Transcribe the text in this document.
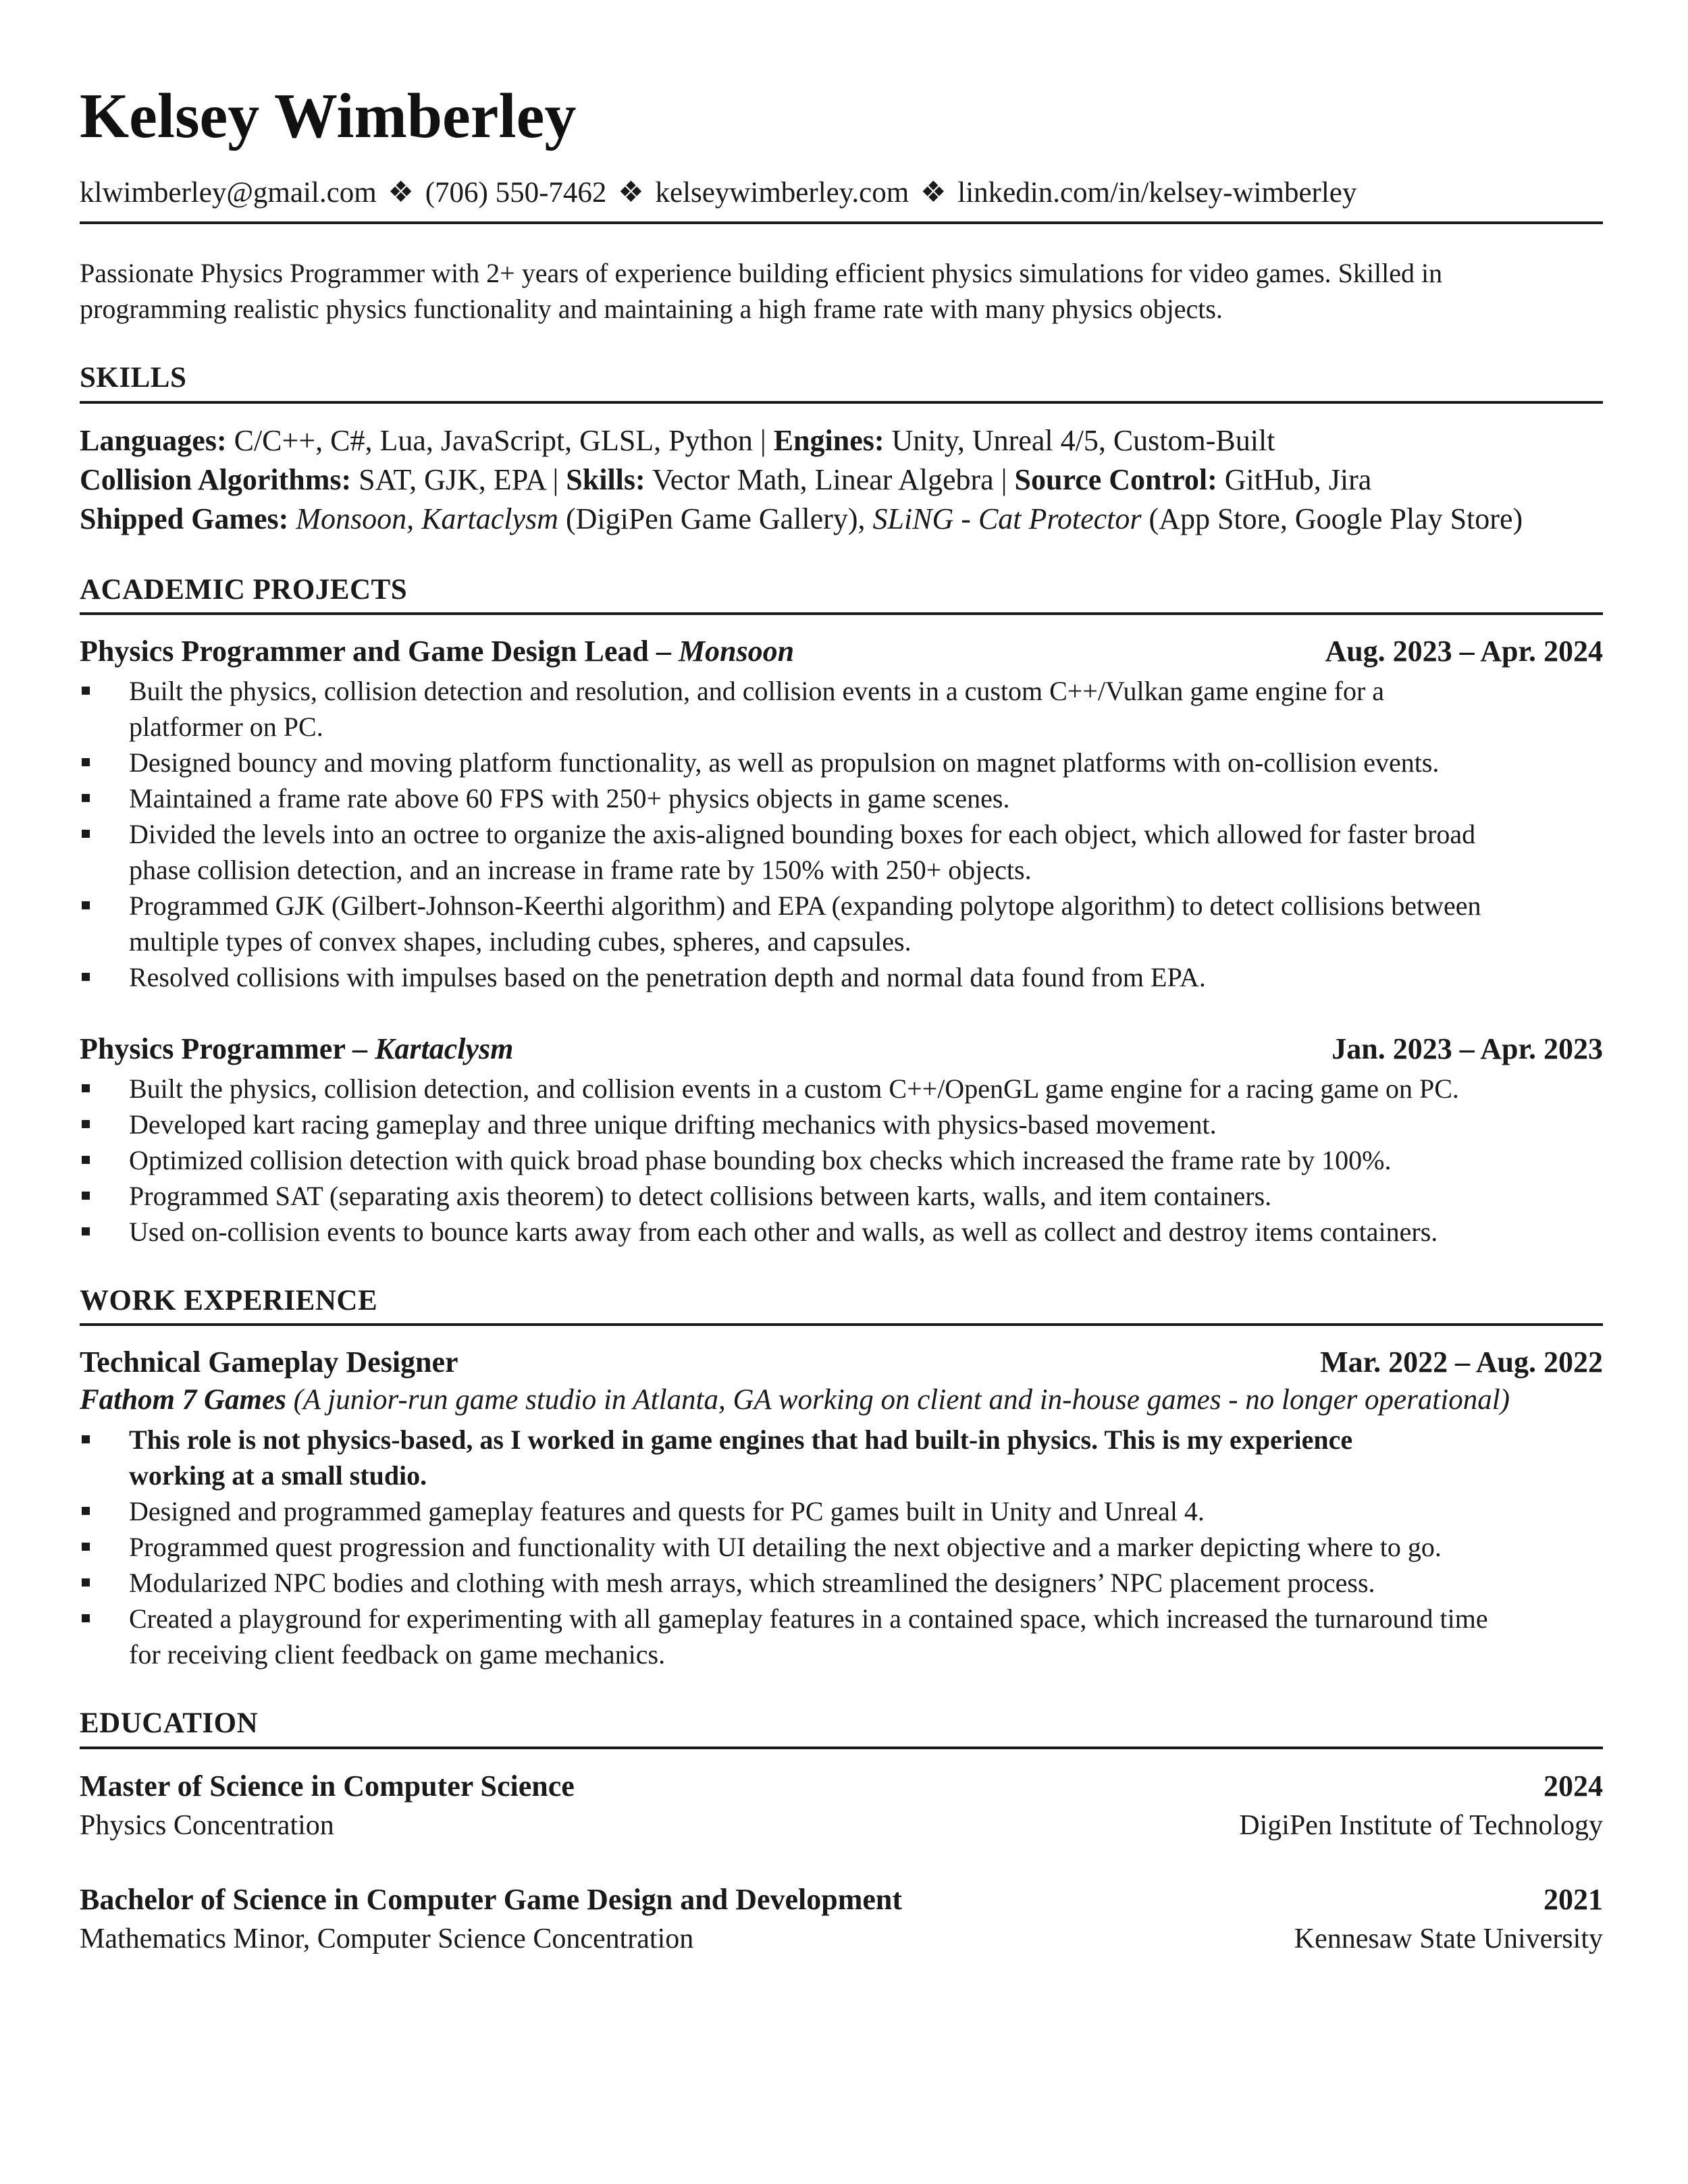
Kelsey Wimberley
klwimberley@gmail.com ❖ (706) 550-7462 ❖ kelseywimberley.com ❖ linkedin.com/in/kelsey-wimberley
Passionate Physics Programmer with 2+ years of experience building efficient physics simulations for video games. Skilled in
programming realistic physics functionality and maintaining a high frame rate with many physics objects.
SKILLS
Languages: C/C++, C#, Lua, JavaScript, GLSL, Python | Engines: Unity, Unreal 4/5, Custom-Built
Collision Algorithms: SAT, GJK, EPA | Skills: Vector Math, Linear Algebra | Source Control: GitHub, Jira
Shipped Games: Monsoon, Kartaclysm (DigiPen Game Gallery), SLiNG - Cat Protector (App Store, Google Play Store)
ACADEMIC PROJECTS
Physics Programmer and Game Design Lead – Monsoon	Aug. 2023 – Apr. 2024
Built the physics, collision detection and resolution, and collision events in a custom C++/Vulkan game engine for a
platformer on PC.
Designed bouncy and moving platform functionality, as well as propulsion on magnet platforms with on-collision events.
Maintained a frame rate above 60 FPS with 250+ physics objects in game scenes.
Divided the levels into an octree to organize the axis-aligned bounding boxes for each object, which allowed for faster broad
phase collision detection, and an increase in frame rate by 150% with 250+ objects.
Programmed GJK (Gilbert-Johnson-Keerthi algorithm) and EPA (expanding polytope algorithm) to detect collisions between
multiple types of convex shapes, including cubes, spheres, and capsules.
Resolved collisions with impulses based on the penetration depth and normal data found from EPA.
Physics Programmer – Kartaclysm	Jan. 2023 – Apr. 2023
Built the physics, collision detection, and collision events in a custom C++/OpenGL game engine for a racing game on PC.
Developed kart racing gameplay and three unique drifting mechanics with physics-based movement.
Optimized collision detection with quick broad phase bounding box checks which increased the frame rate by 100%.
Programmed SAT (separating axis theorem) to detect collisions between karts, walls, and item containers.
Used on-collision events to bounce karts away from each other and walls, as well as collect and destroy items containers.
WORK EXPERIENCE
Technical Gameplay Designer	Mar. 2022 – Aug. 2022
Fathom 7 Games (A junior-run game studio in Atlanta, GA working on client and in-house games - no longer operational)
This role is not physics-based, as I worked in game engines that had built-in physics. This is my experience
working at a small studio.
Designed and programmed gameplay features and quests for PC games built in Unity and Unreal 4.
Programmed quest progression and functionality with UI detailing the next objective and a marker depicting where to go.
Modularized NPC bodies and clothing with mesh arrays, which streamlined the designers’ NPC placement process.
Created a playground for experimenting with all gameplay features in a contained space, which increased the turnaround time
for receiving client feedback on game mechanics.
EDUCATION
Master of Science in Computer Science	2024
Physics Concentration	DigiPen Institute of Technology
Bachelor of Science in Computer Game Design and Development	2021
Mathematics Minor, Computer Science Concentration	Kennesaw State University
